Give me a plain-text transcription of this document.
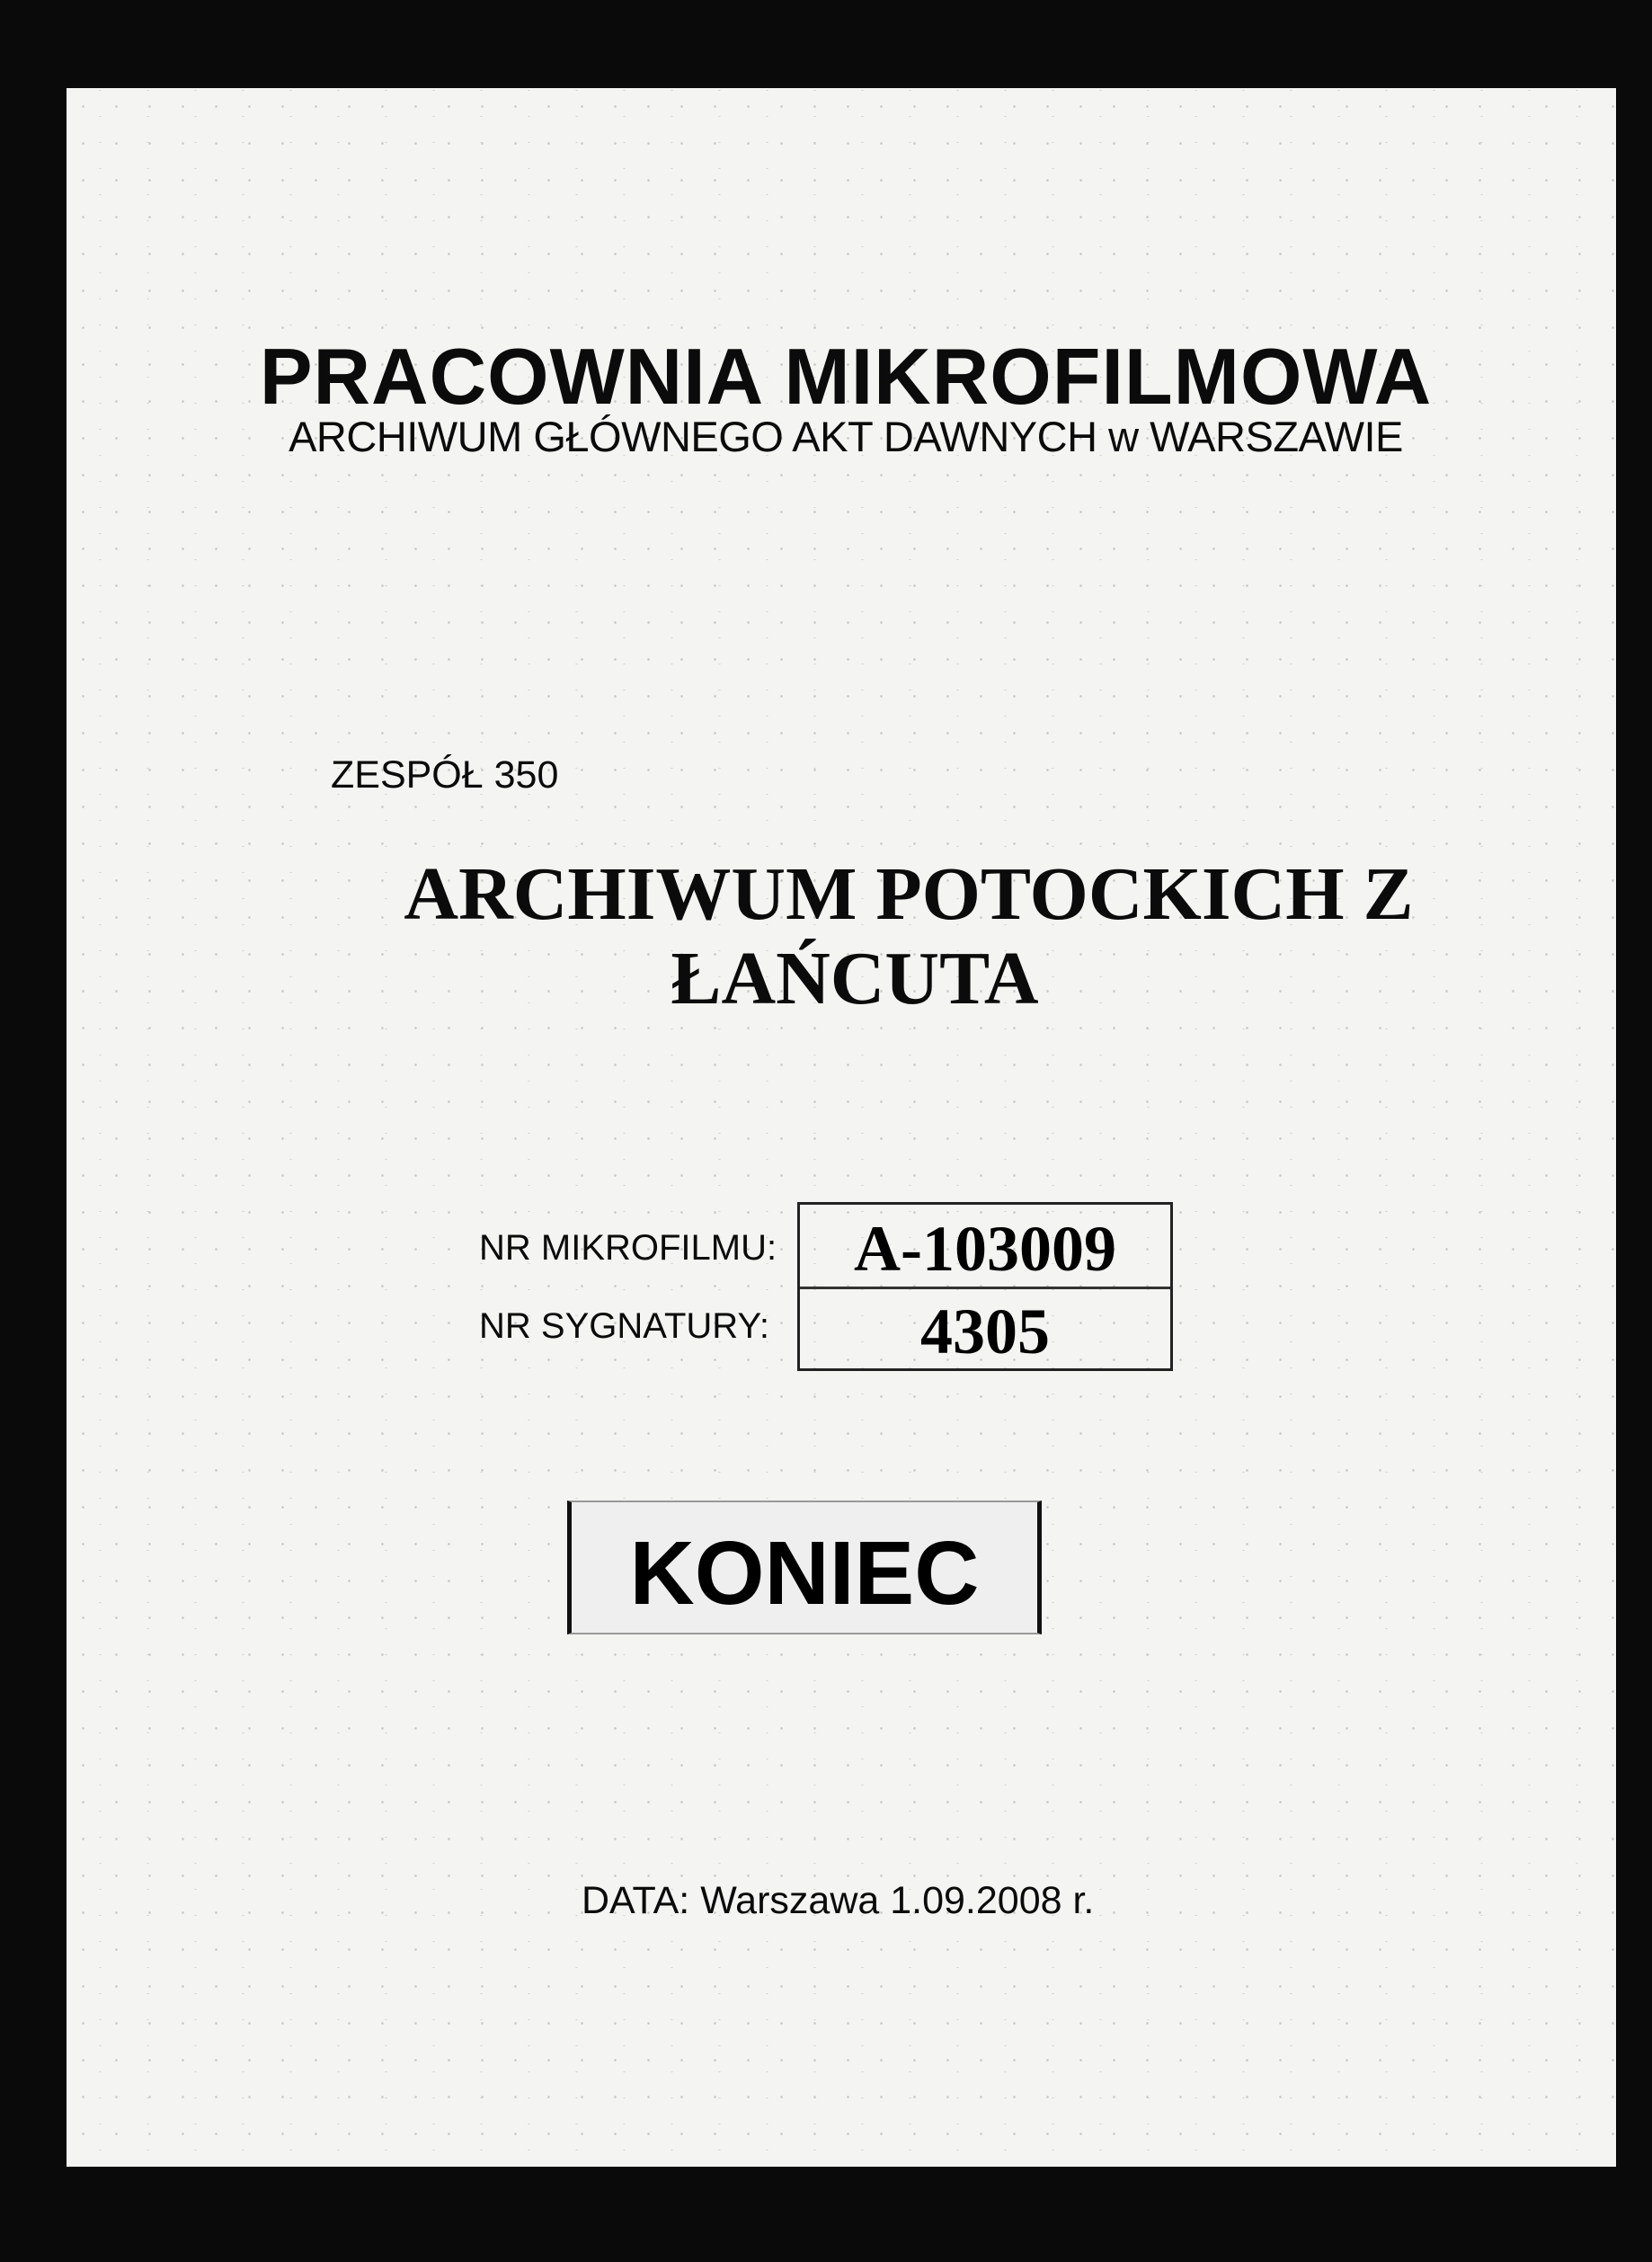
PRACOWNIA MIKROFILMOWA
ARCHIWUM GŁÓWNEGO AKT DAWNYCH w WARSZAWIE
ZESPÓŁ 350
ARCHIWUM POTOCKICH Z
ŁAŃCUTA
NR MIKROFILMU:
NR SYGNATURY:
A-103009
4305
KONIEC
DATA: Warszawa 1.09.2008 r.
